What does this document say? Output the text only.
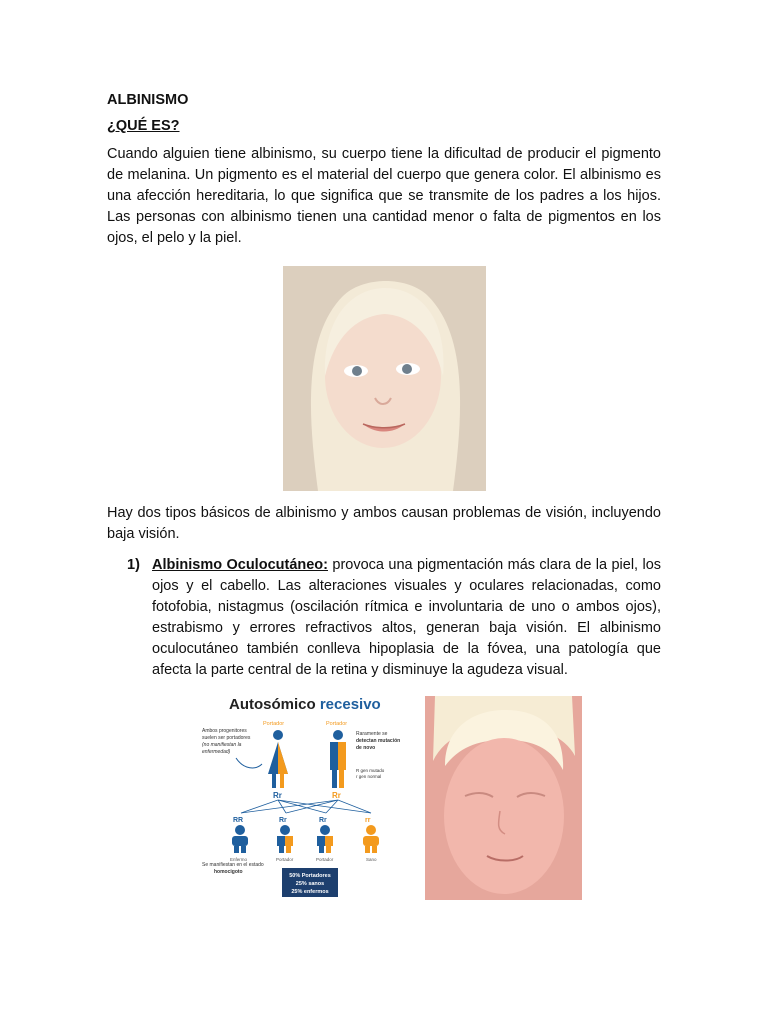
ALBINISMO
¿QUÉ ES?

Cuando alguien tiene albinismo, su cuerpo tiene la dificultad de producir el pigmento de melanina. Un pigmento es el material del cuerpo que genera color. El albinismo es una afección hereditaria, lo que significa que se transmite de los padres a los hijos. Las personas con albinismo tienen una cantidad menor o falta de pigmentos en los ojos, el pelo y la piel.

Hay dos tipos básicos de albinismo y ambos causan problemas de visión, incluyendo baja visión.

1) Albinismo Oculocutáneo: provoca una pigmentación más clara de la piel, los ojos y el cabello. Las alteraciones visuales y oculares relacionadas, como fotofobia, nistagmus (oscilación rítmica e involuntaria de uno o ambos ojos), estrabismo y errores refractivos altos, generan baja visión. El albinismo oculocutáneo también conlleva hipoplasia de la fóvea, una patología que afecta la parte central de la retina y disminuye la agudeza visual.
Autosómico recesivo
Portador	Portador
Ambos progenitores
suelen ser portadores
(no manifiestan la
enfermedad)
Raramente se
detectan mutación
de novo
R gen mutado
r gen normal
Rr	Rr
RR	Rr	Rr	rr
Enfermo	Portador	Portador	Sano
Se manifiestan en el estado
homocigoto
50% Portadores
25% sanos
25% enfermos
